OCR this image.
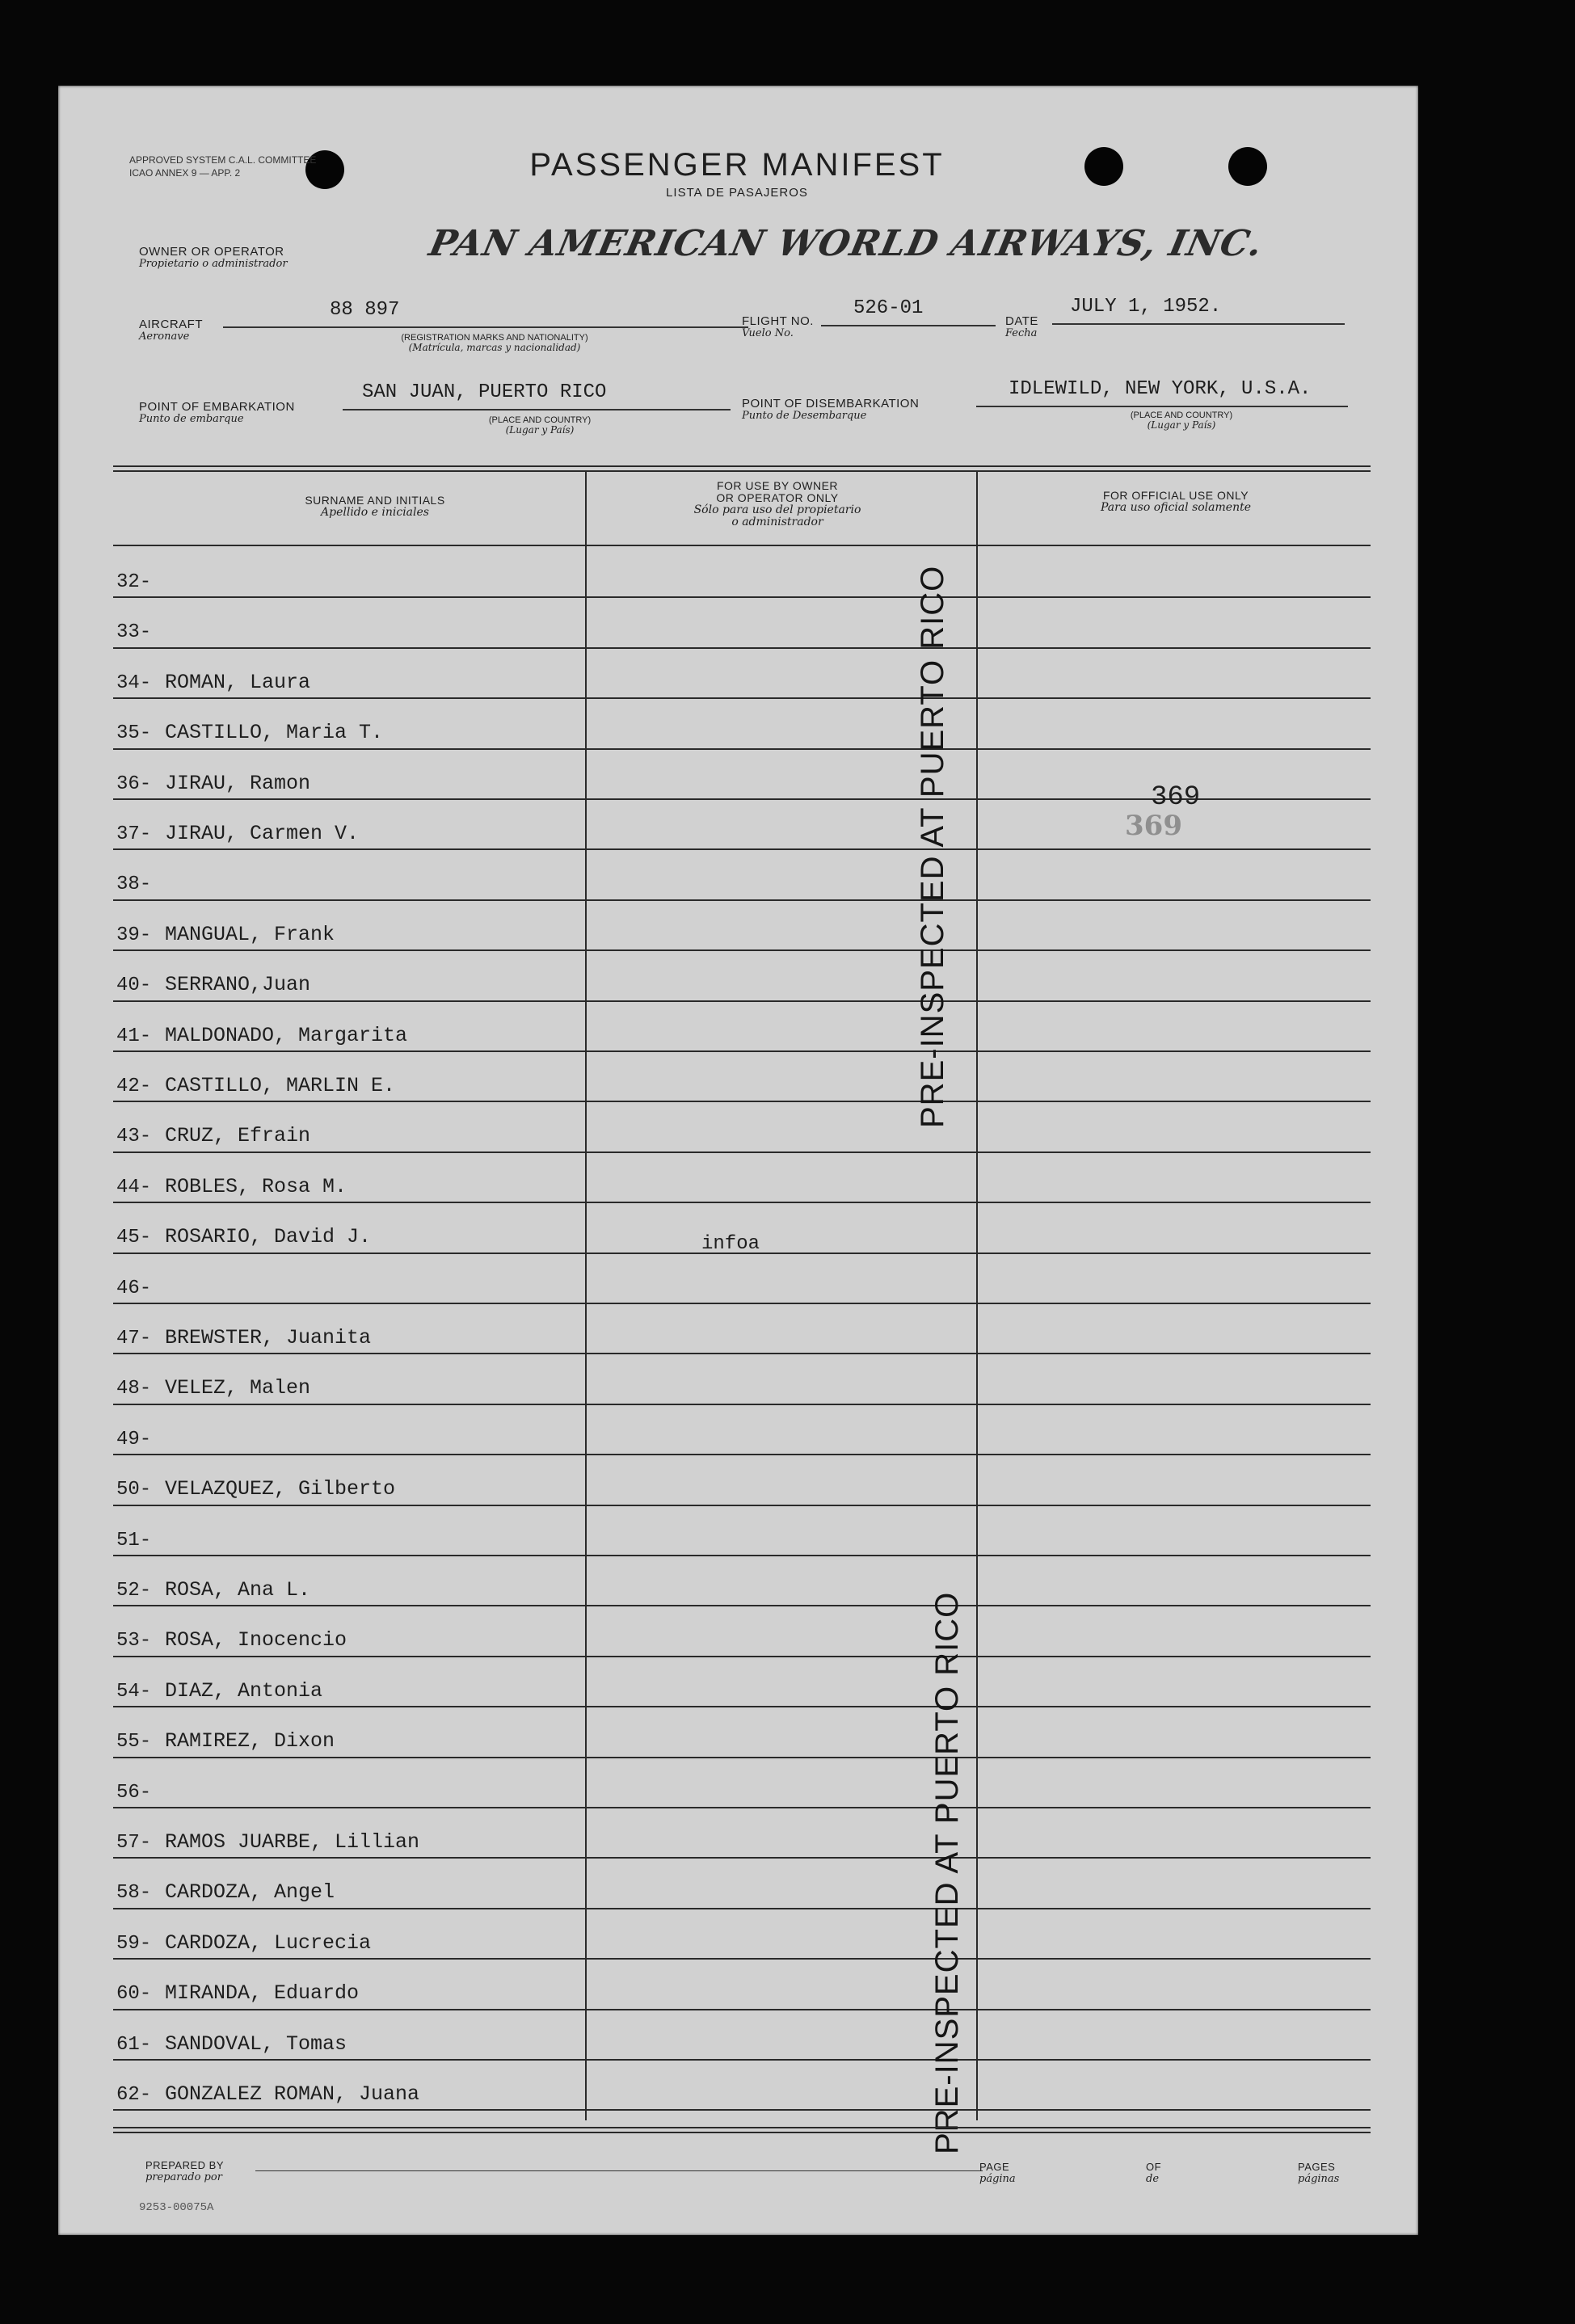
APPROVED SYSTEM C.A.L. COMMITTEE
ICAO ANNEX 9 — APP. 2	PASSENGER MANIFEST
LISTA DE PASAJEROS
OWNER OR OPERATOR
Propietario o administrador	PAN AMERICAN WORLD AIRWAYS, INC.
AIRCRAFT
Aeronave
88 897
(REGISTRATION MARKS AND NATIONALITY)
(Matrícula, marcas y nacionalidad)
FLIGHT NO.
Vuelo No.
526-01
DATE
Fecha
JULY 1, 1952.
POINT OF EMBARKATION
Punto de embarque
SAN JUAN, PUERTO RICO
(PLACE AND COUNTRY)
(Lugar y País)
POINT OF DISEMBARKATION
Punto de Desembarque
IDLEWILD, NEW YORK, U.S.A.
(PLACE AND COUNTRY)
(Lugar y País)
SURNAME AND INITIALS
Apellido e iniciales
FOR USE BY OWNER
OR OPERATOR ONLY
Sólo para uso del propietario
o administrador
FOR OFFICIAL USE ONLY
Para uso oficial solamente
32-
33-
34- ROMAN, Laura
35- CASTILLO, Maria T.
36- JIRAU, Ramon
37- JIRAU, Carmen V.
38-
39- MANGUAL, Frank
40- SERRANO,Juan
41- MALDONADO, Margarita
42- CASTILLO, MARLIN E.
43- CRUZ, Efrain
44- ROBLES, Rosa M.
45- ROSARIO, David J.
46-
47- BREWSTER, Juanita
48- VELEZ, Malen
49-
50- VELAZQUEZ, Gilberto
51-
52- ROSA, Ana L.
53- ROSA, Inocencio
54- DIAZ, Antonia
55- RAMIREZ, Dixon
56-
57- RAMOS JUARBE, Lillian
58- CARDOZA, Angel
59- CARDOZA, Lucrecia
60- MIRANDA, Eduardo
61- SANDOVAL, Tomas
62- GONZALEZ ROMAN, Juana
infoa
369
369
PRE-INSPECTED AT PUERTO RICO
PRE-INSPECTED AT PUERTO RICO
PREPARED BY
preparado por
PAGE
página
OF
de
PAGES
páginas
9253-00075A
